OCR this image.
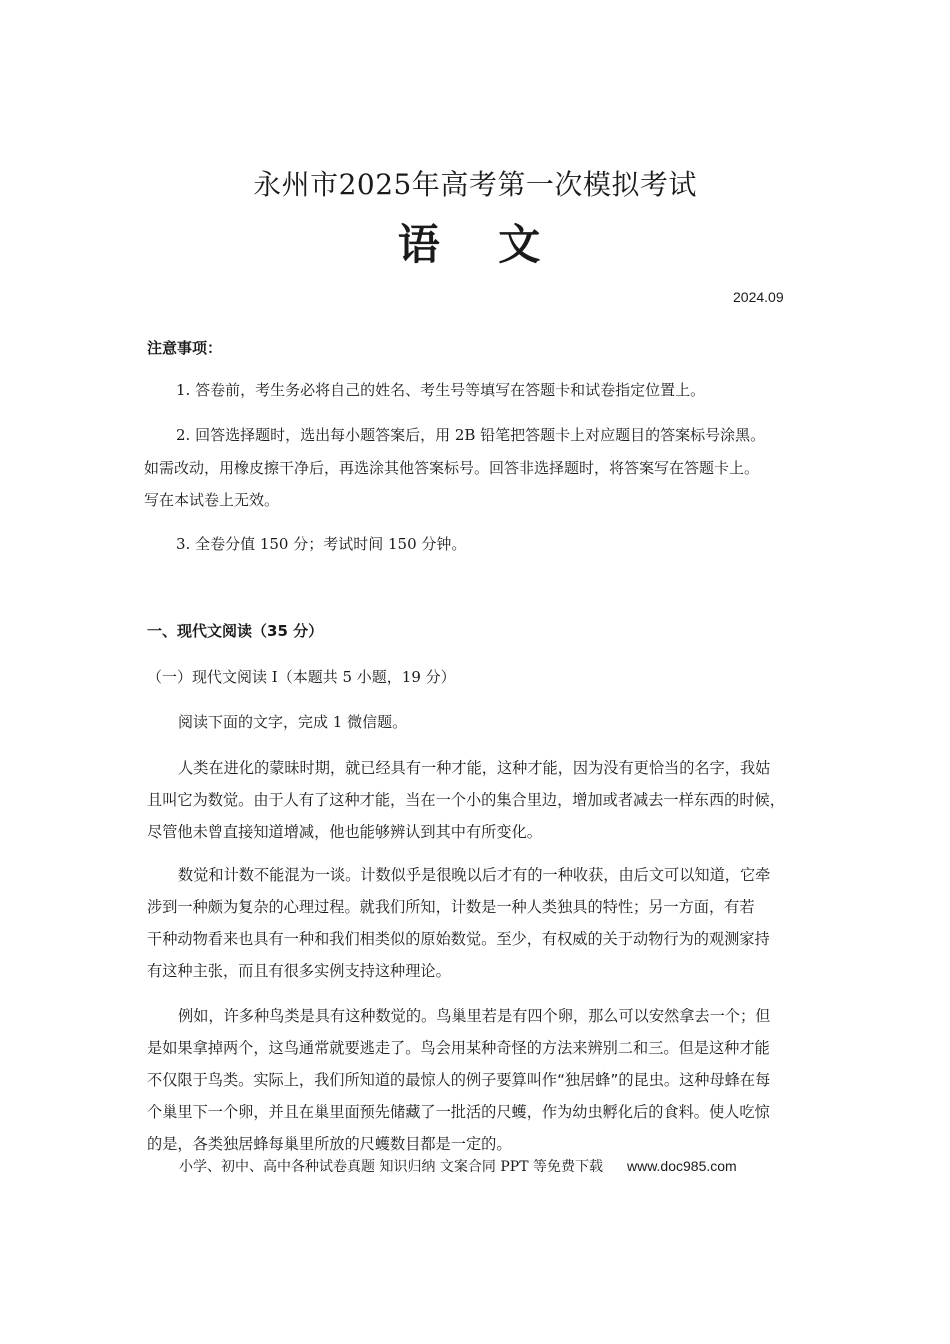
永州市2025年高考第一次模拟考试
语 文
2024.09
注意事项：
1. 答卷前，考生务必将自己的姓名、考生号等填写在答题卡和试卷指定位置上。
2. 回答选择题时，选出每小题答案后，用 2B 铅笔把答题卡上对应题目的答案标号涂黑。
如需改动，用橡皮擦干净后，再选涂其他答案标号。回答非选择题时，将答案写在答题卡上。
写在本试卷上无效。
3. 全卷分值 150 分；考试时间 150 分钟。
一、现代文阅读（35 分）
（一）现代文阅读 I（本题共 5 小题，19 分）
阅读下面的文字，完成 1 微信题。
人类在进化的蒙昧时期，就已经具有一种才能，这种才能，因为没有更恰当的名字，我姑
且叫它为数觉。由于人有了这种才能，当在一个小的集合里边，增加或者减去一样东西的时候，
尽管他未曾直接知道增减，他也能够辨认到其中有所变化。
数觉和计数不能混为一谈。计数似乎是很晚以后才有的一种收获，由后文可以知道，它牵
涉到一种颇为复杂的心理过程。就我们所知，计数是一种人类独具的特性；另一方面，有若
干种动物看来也具有一种和我们相类似的原始数觉。至少，有权威的关于动物行为的观测家持
有这种主张，而且有很多实例支持这种理论。
例如，许多种鸟类是具有这种数觉的。鸟巢里若是有四个卵，那么可以安然拿去一个；但
是如果拿掉两个，这鸟通常就要逃走了。鸟会用某种奇怪的方法来辨别二和三。但是这种才能
不仅限于鸟类。实际上，我们所知道的最惊人的例子要算叫作“独居蜂”的昆虫。这种母蜂在每
个巢里下一个卵，并且在巢里面预先储藏了一批活的尺蠖，作为幼虫孵化后的食料。使人吃惊
的是，各类独居蜂每巢里所放的尺蠖数目都是一定的。
小学、初中、高中各种试卷真题 知识归纳 文案合同 PPT 等免费下载 www.doc985.com
